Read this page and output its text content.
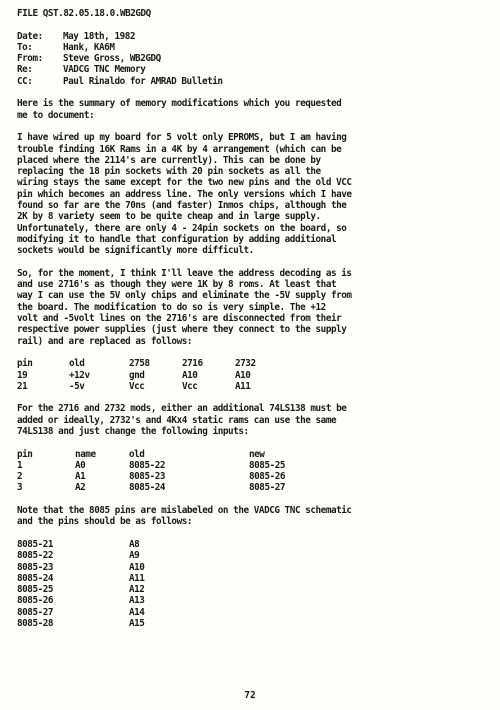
FILE QST.82.05.18.0.WB2GDQ
Date: May 18th, 1982
To:	Hank, KA6M
From: Steve Gross, WB2GDQ
Re:	VADCG TNC Memory
CC:	Paul Rinaldo for AMRAD Bulletin
Here is the summary of memory modifications which you requested
me to document:
I have wired up my board for 5 volt only EPROMS, but I am having
trouble finding 16K Rams in a 4K by 4 arrangement (which can be
placed where the 2114's are currently). This can be done by
replacing the 18 pin sockets with 20 pin sockets as all the
wiring stays the same except for the two new pins and the old VCC
pin which becomes an address line. The only versions which I have
found so far are the 70ns (and faster) Inmos chips, although the
2K by 8 variety seem to be quite cheap and in large supply.
Unfortunately, there are only 4 - 24pin sockets on the board, so
modifying it to handle that configuration by adding additional
sockets would be significantly more difficult.
So, for the moment, I think I'll leave the address decoding as is
and use 2716's as though they were 1K by 8 roms. At least that
way I can use the 5V only chips and eliminate the -5V supply from
the board. The modification to do so is very simple. The +12
volt and -5volt lines on the 2716's are disconnected from their
respective power supplies (just where they connect to the supply
rail) and are replaced as follows:
pin	old	2758	2716	2732
19	+12v	gnd	A10	A10
21	-5v	Vcc	Vcc	A11
For the 2716 and 2732 mods, either an additional 74LS138 must be
added or ideally, 2732's and 4Kx4 static rams can use the same
74LS138 and just change the following inputs:
pin	name	old	new
1	A0	8085-22	8085-25
2	A1	8085-23	8085-26
3	A2	8085-24	8085-27
Note that the 8085 pins are mislabeled on the VADCG TNC schematic
and the pins should be as follows:
8085-21	A8
8085-22	A9
8085-23	A10
8085-24	A11
8085-25	A12
8085-26	A13
8085-27	A14
8085-28	A15
72
